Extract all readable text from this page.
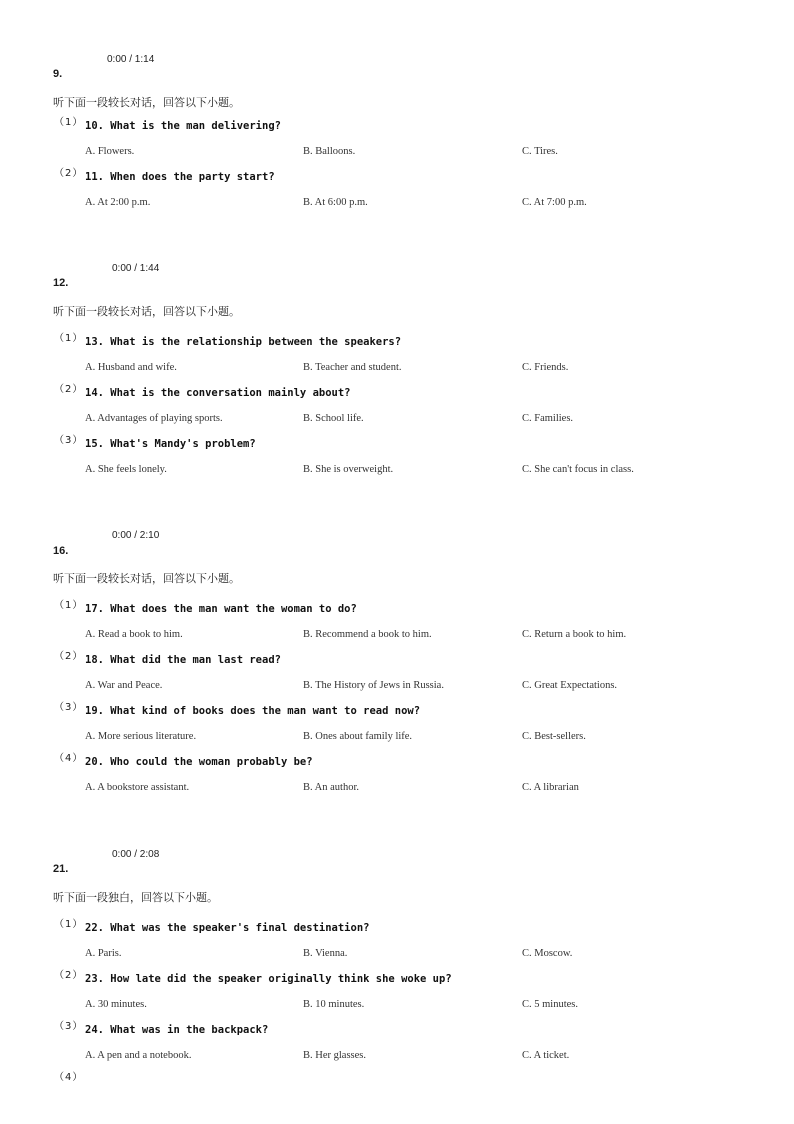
0:00 / 1:14
9.
听下面一段较长对话，回答以下小题。
（1） 10. What is the man delivering?
A. Flowers.	B. Balloons.	C. Tires.
（2） 11. When does the party start?
A. At 2:00 p.m.	B. At 6:00 p.m.	C. At 7:00 p.m.
0:00 / 1:44
12.
听下面一段较长对话，回答以下小题。
（1） 13. What is the relationship between the speakers?
A. Husband and wife.	B. Teacher and student.	C. Friends.
（2） 14. What is the conversation mainly about?
A. Advantages of playing sports.	B. School life.	C. Families.
（3） 15. What's Mandy's problem?
A. She feels lonely.	B. She is overweight.	C. She can't focus in class.
0:00 / 2:10
16.
听下面一段较长对话，回答以下小题。
（1） 17. What does the man want the woman to do?
A. Read a book to him.	B. Recommend a book to him.	C. Return a book to him.
（2） 18. What did the man last read?
A. War and Peace.	B. The History of Jews in Russia.	C. Great Expectations.
（3） 19. What kind of books does the man want to read now?
A. More serious literature.	B. Ones about family life.	C. Best-sellers.
（4） 20. Who could the woman probably be?
A. A bookstore assistant.	B. An author.	C. A librarian
0:00 / 2:08
21.
听下面一段独白，回答以下小题。
（1） 22. What was the speaker's final destination?
A. Paris.	B. Vienna.	C. Moscow.
（2） 23. How late did the speaker originally think she woke up?
A. 30 minutes.	B. 10 minutes.	C. 5 minutes.
（3） 24. What was in the backpack?
A. A pen and a notebook.	B. Her glasses.	C. A ticket.
（4）
